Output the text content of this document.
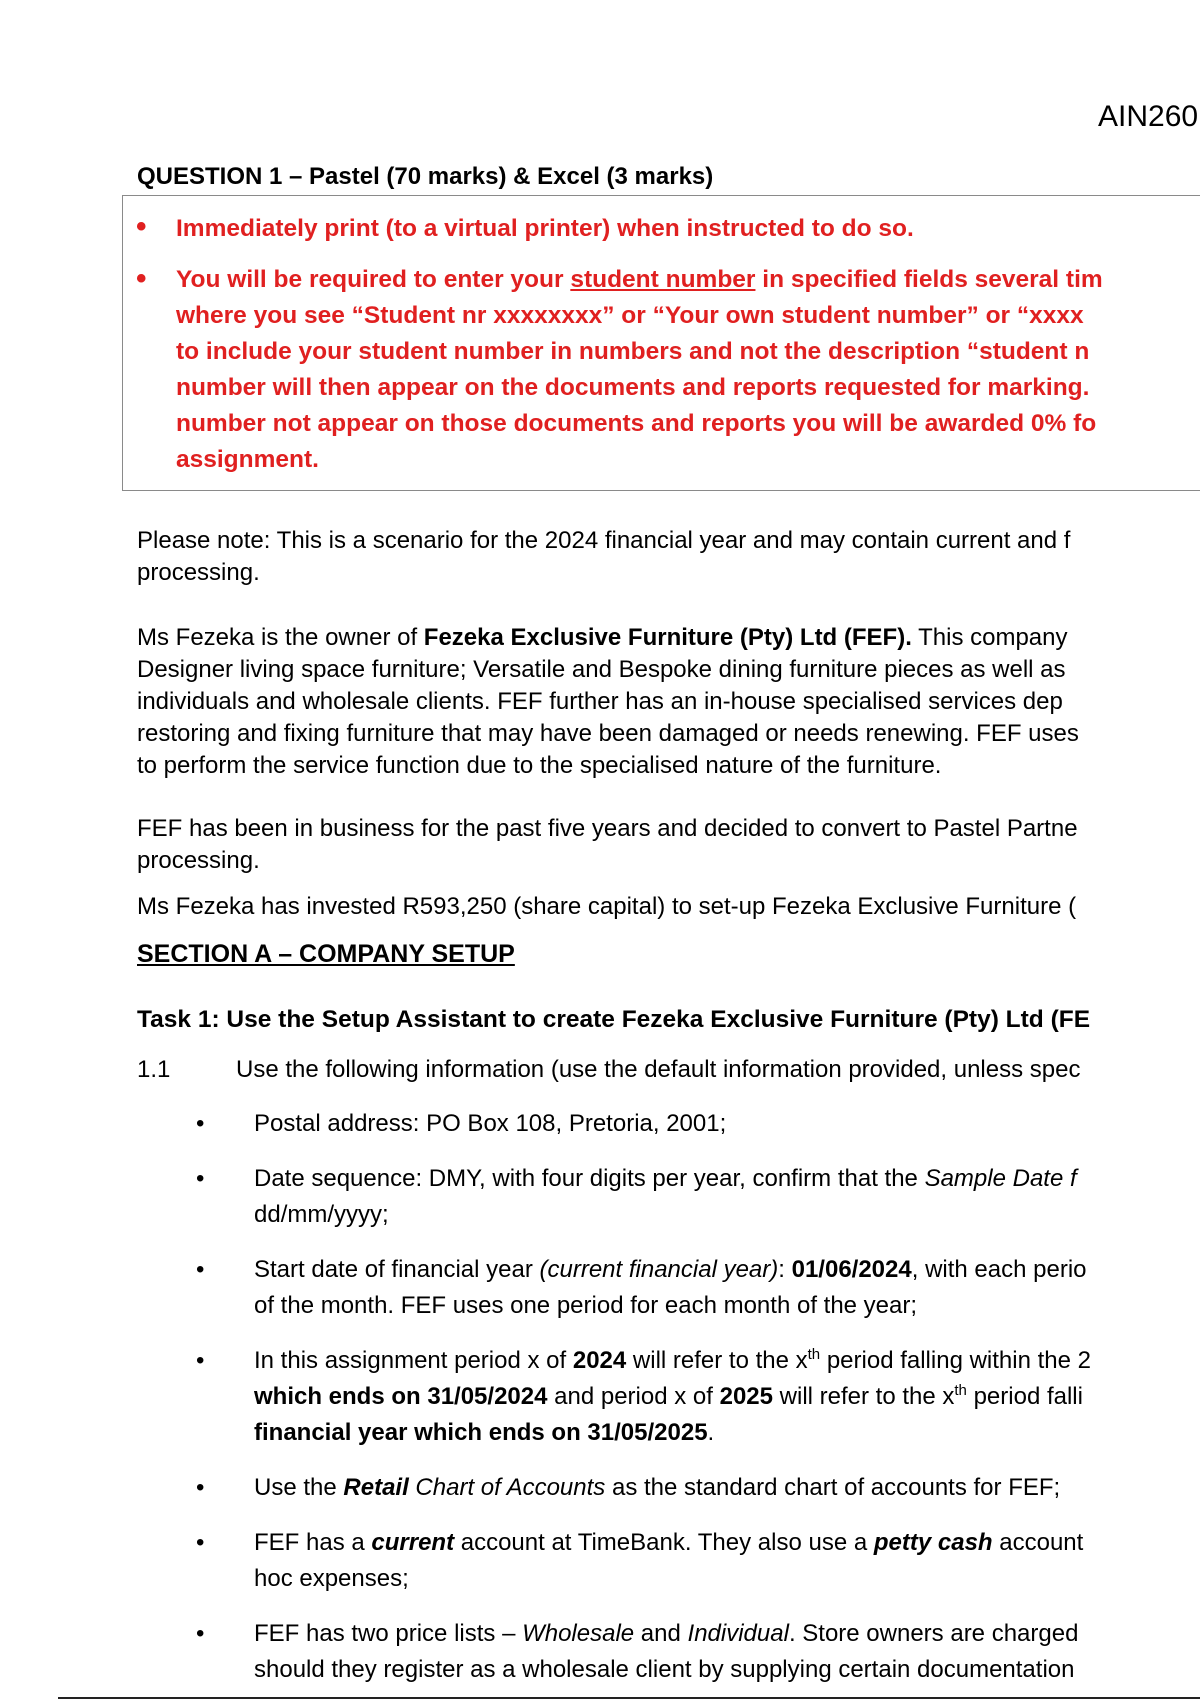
AIN260
QUESTION 1 – Pastel (70 marks) & Excel (3 marks)
• Immediately print (to a virtual printer) when instructed to do so.
• You will be required to enter your student number in specified fields several tim
where you see “Student nr xxxxxxxx” or “Your own student number” or “xxxx
to include your student number in numbers and not the description “student n
number will then appear on the documents and reports requested for marking.
number not appear on those documents and reports you will be awarded 0% fo
assignment.
Please note: This is a scenario for the 2024 financial year and may contain current and f
processing.
Ms Fezeka is the owner of Fezeka Exclusive Furniture (Pty) Ltd (FEF). This company
Designer living space furniture; Versatile and Bespoke dining furniture pieces as well as
individuals and wholesale clients. FEF further has an in-house specialised services dep
restoring and fixing furniture that may have been damaged or needs renewing. FEF uses
to perform the service function due to the specialised nature of the furniture.
FEF has been in business for the past five years and decided to convert to Pastel Partne
processing.
Ms Fezeka has invested R593,250 (share capital) to set-up Fezeka Exclusive Furniture (
SECTION A – COMPANY SETUP
Task 1: Use the Setup Assistant to create Fezeka Exclusive Furniture (Pty) Ltd (FE
1.1	Use the following information (use the default information provided, unless spec
• Postal address: PO Box 108, Pretoria, 2001;
• Date sequence: DMY, with four digits per year, confirm that the Sample Date f
dd/mm/yyyy;
• Start date of financial year (current financial year): 01/06/2024, with each perio
of the month. FEF uses one period for each month of the year;
• In this assignment period x of 2024 will refer to the $x^{th}$ period falling within the 2
which ends on 31/05/2024 and period x of 2025 will refer to the $x^{th}$ period falli
financial year which ends on 31/05/2025.
• Use the Retail Chart of Accounts as the standard chart of accounts for FEF;
• FEF has a current account at TimeBank. They also use a petty cash account
hoc expenses;
• FEF has two price lists – Wholesale and Individual. Store owners are charged
should they register as a wholesale client by supplying certain documentation
